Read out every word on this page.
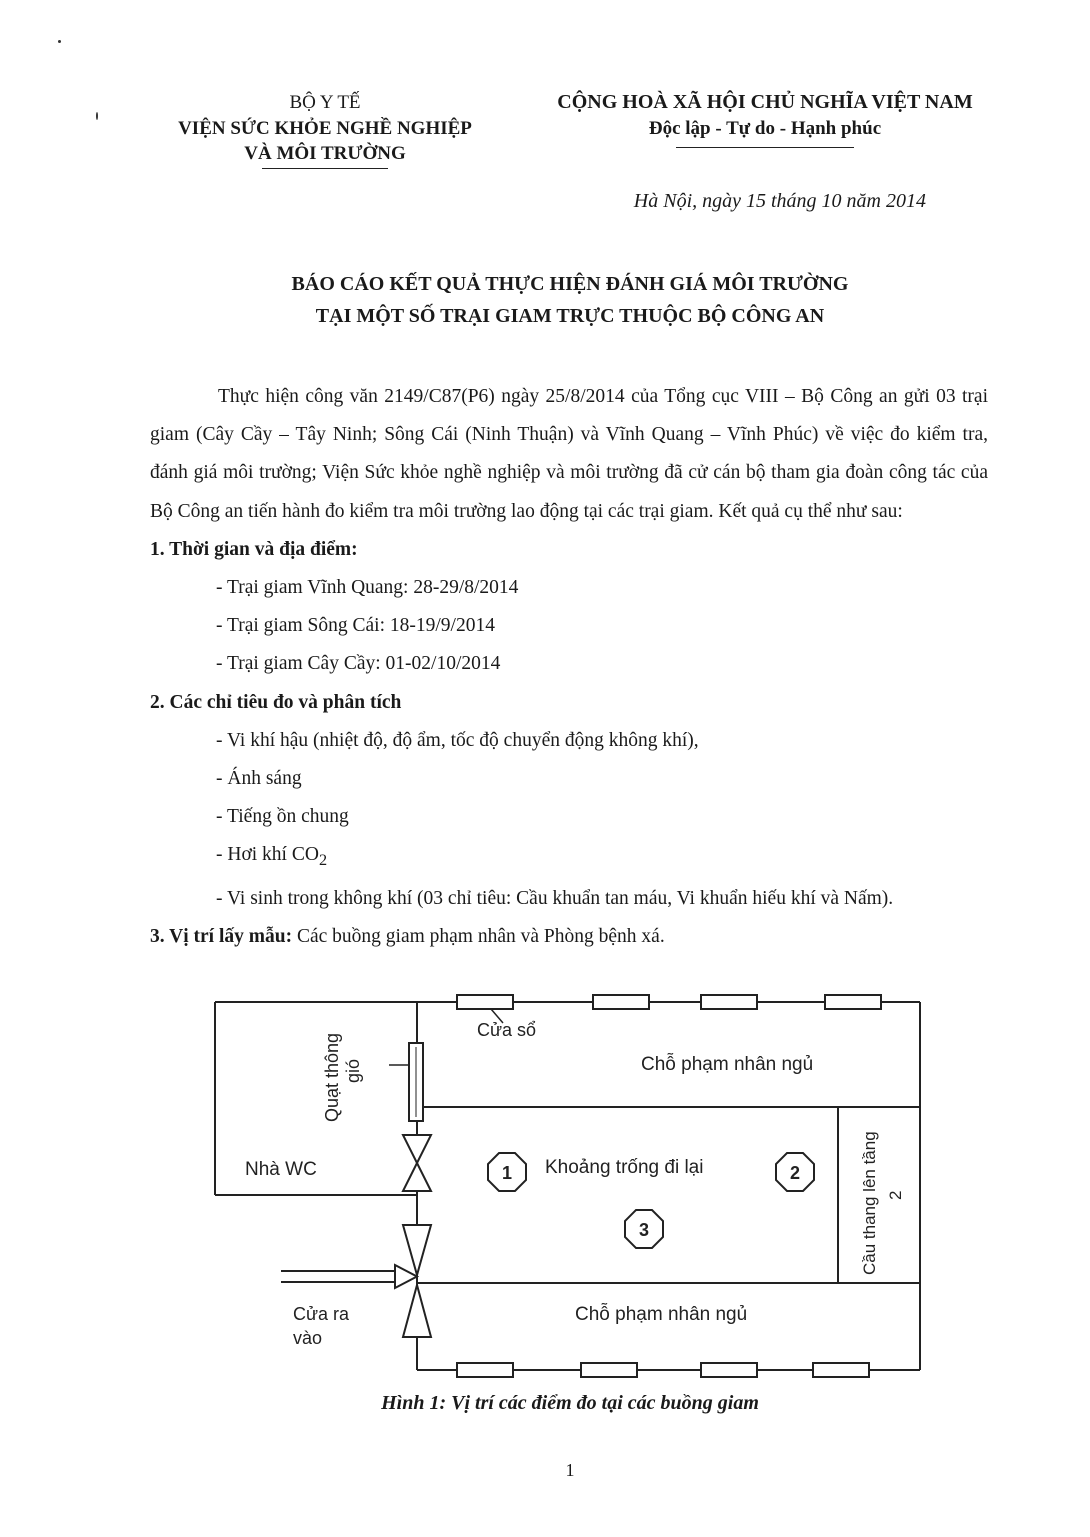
BỘ Y TẾ
VIỆN SỨC KHỎE NGHỀ NGHIỆP
VÀ MÔI TRƯỜNG
CỘNG HOÀ XÃ HỘI CHỦ NGHĨA VIỆT NAM
Độc lập - Tự do - Hạnh phúc
Hà Nội, ngày 15 tháng 10 năm 2014
BÁO CÁO KẾT QUẢ THỰC HIỆN ĐÁNH GIÁ MÔI TRƯỜNG
TẠI MỘT SỐ TRẠI GIAM TRỰC THUỘC BỘ CÔNG AN

Thực hiện công văn 2149/C87(P6) ngày 25/8/2014 của Tổng cục VIII – Bộ Công an gửi 03 trại giam (Cây Cầy – Tây Ninh; Sông Cái (Ninh Thuận) và Vĩnh Quang – Vĩnh Phúc) về việc đo kiểm tra, đánh giá môi trường; Viện Sức khỏe nghề nghiệp và môi trường đã cử cán bộ tham gia đoàn công tác của Bộ Công an tiến hành đo kiểm tra môi trường lao động tại các trại giam. Kết quả cụ thể như sau:

1. Thời gian và địa điểm:

- Trại giam Vĩnh Quang: 28-29/8/2014

- Trại giam Sông Cái: 18-19/9/2014

- Trại giam Cây Cầy: 01-02/10/2014

2. Các chỉ tiêu đo và phân tích

- Vi khí hậu (nhiệt độ, độ ẩm, tốc độ chuyển động không khí),

- Ánh sáng

- Tiếng ồn chung

- Hơi khí $CO_2$

- Vi sinh trong không khí (03 chỉ tiêu: Cầu khuẩn tan máu, Vi khuẩn hiếu khí và Nấm).

3. Vị trí lấy mẫu: Các buồng giam phạm nhân và Phòng bệnh xá.

Cửa sổ
Chỗ phạm nhân ngủ
Nhà WC	Khoảng trống đi lại
Chỗ phạm nhân ngủ
Cửa ra
vào
Quạt thông gió
Cầu thang lên tầng 2
1	2
3
Hình 1: Vị trí các điểm đo tại các buồng giam
1
